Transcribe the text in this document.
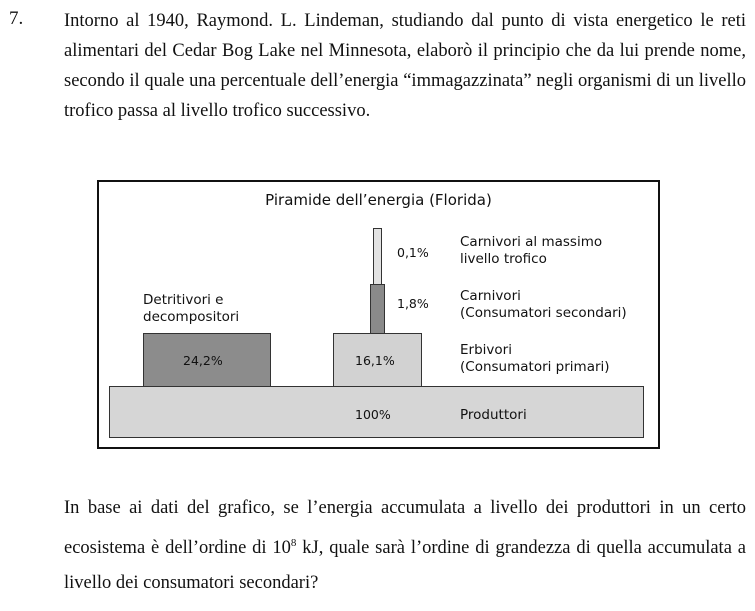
7. Intorno al 1940, Raymond. L. Lindeman, studiando dal punto di vista energetico le reti alimentari del Cedar Bog Lake nel Minnesota, elaborò il principio che da lui prende nome, secondo il quale una percentuale dell’energia “immagazzinata” negli organismi di un livello trofico passa al livello trofico successivo.
Piramide dell’energia (Florida)
100%	Produttori
16,1%
Erbivori
(Consumatori primari)
24,2%
Detritivori e
decompositori
1,8% Carnivori
(Consumatori secondari)
0,1%
Carnivori al massimo
livello trofico
In base ai dati del grafico, se l’energia accumulata a livello dei produttori in un certo ecosistema è dell’ordine di $10^8$ kJ, quale sarà l’ordine di grandezza di quella accumulata a livello dei consumatori secondari?
